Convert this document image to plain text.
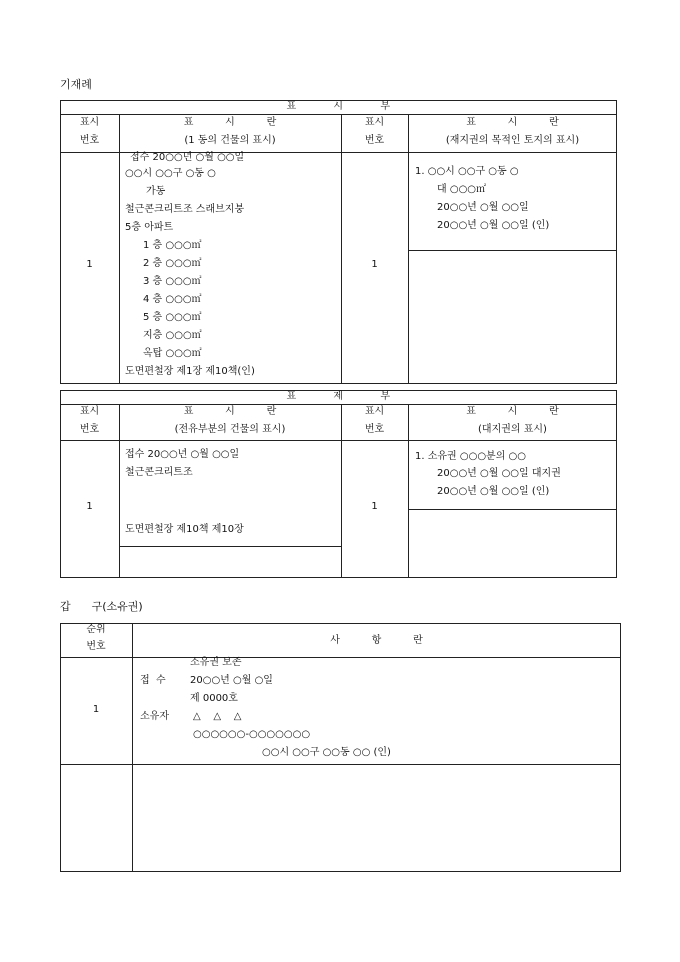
기재례
표          시          부
표시
번호
표          시          란
(1 동의 건물의 표시)
표시
번호
표          시          란
(재지권의 목적인 토지의 표시)
1	1
접수 20○○년 ○월 ○○일
○○시 ○○구 ○동 ○
가동
철근콘크리트조 스래브지붕
5층 아파트
1 층 ○○○㎡
2 층 ○○○㎡
3 층 ○○○㎡
4 층 ○○○㎡
5 층 ○○○㎡
지층 ○○○㎡
옥탑 ○○○㎡
도면편철장 제1장 제10책(인)
1. ○○시 ○○구 ○동 ○
대 ○○○㎡
20○○년 ○월 ○○일
20○○년 ○월 ○○일 (인)
표          제          부
표시
번호
표          시          란
(전유부분의 건물의 표시)
표시
번호
표          시          란
(대지권의 표시)
1	1
접수 20○○년 ○월 ○○일
철근콘크리트조
도면편철장 제10책 제10장
1. 소유권 ○○○분의 ○○
20○○년 ○월 ○○일 대지권
20○○년 ○월 ○○일 (인)
갑      구(소유권)
순위
번호
사          항          란
1
소유권 보존
접  수 20○○년 ○월 ○일
제 0000호
소유자 △    △    △
○○○○○○-○○○○○○○
○○시 ○○구 ○○동 ○○ (인)
